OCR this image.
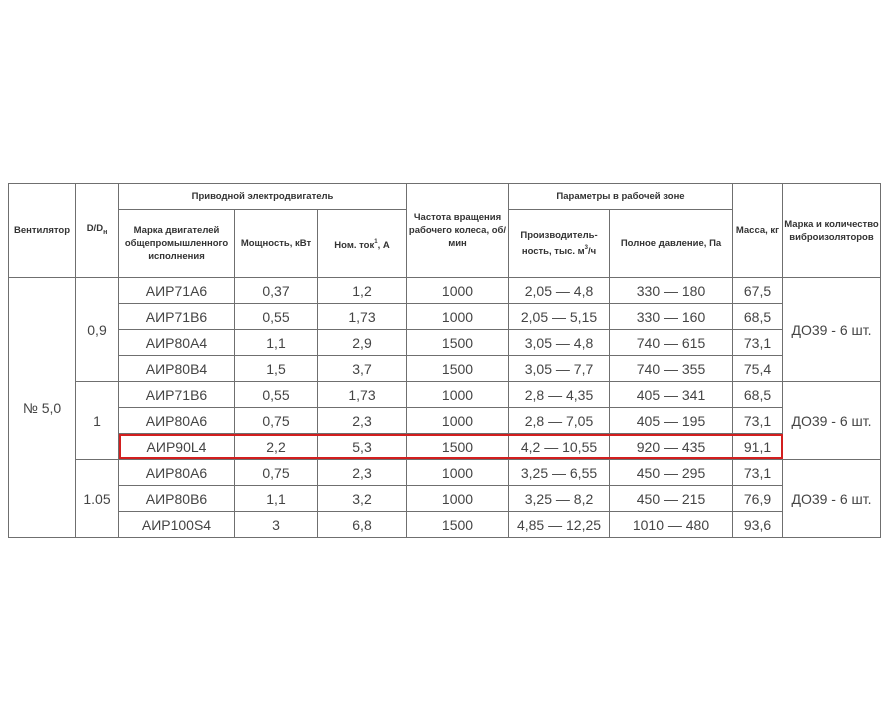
Вентилятор	$D/D_н$	Приводной электродвигатель			Частота вращения рабочего колеса, об/мин	Параметры в рабочей зоне		Масса, кг	Марка и количество виброизоляторов
		Марка двигателей общепромышленного исполнения	Мощность, кВт	Ном. ток$^1$, А		Производитель-ность, тыс. $м^3/ч$	Полное давление, Па		
№ 5,0	0,9	АИР71А6	0,37	1,2	1000	2,05 — 4,8	330 — 180	67,5	ДО39 - 6 шт.
		АИР71В6	0,55	1,73	1000	2,05 — 5,15	330 — 160	68,5	
		АИР80А4	1,1	2,9	1500	3,05 — 4,8	740 — 615	73,1	
		АИР80В4	1,5	3,7	1500	3,05 — 7,7	740 — 355	75,4	
	1	АИР71В6	0,55	1,73	1000	2,8 — 4,35	405 — 341	68,5	ДО39 - 6 шт.
		АИР80А6	0,75	2,3	1000	2,8 — 7,05	405 — 195	73,1	
		АИР90L4	2,2	5,3	1500	4,2 — 10,55	920 — 435	91,1	
	1.05	АИР80А6	0,75	2,3	1000	3,25 — 6,55	450 — 295	73,1	ДО39 - 6 шт.
		АИР80В6	1,1	3,2	1000	3,25 — 8,2	450 — 215	76,9	
		АИР100S4	3	6,8	1500	4,85 — 12,25	1010 — 480	93,6	
